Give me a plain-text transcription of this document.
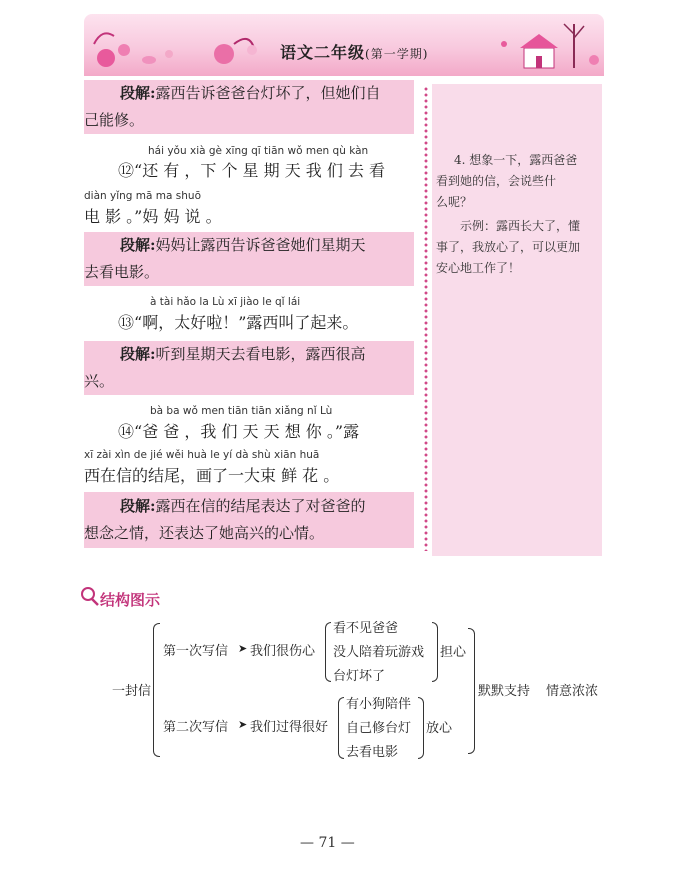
语文二年级(第一学期)
段解:露西告诉爸爸台灯坏了，但她们自
己能修。
hái yǒu xià gè xīng qī tiān wǒ men qù kàn
⑫“还 有 ，下 个 星 期 天 我 们 去 看
diàn yǐng mā ma shuō
电 影 。”妈 妈 说 。
段解:妈妈让露西告诉爸爸她们星期天
去看电影。
à tài hǎo la Lù xī jiào le qǐ lái
⑬“啊，太好啦！”露西叫了起来。
段解:听到星期天去看电影，露西很高
兴。
bà ba wǒ men tiān tiān xiǎng nǐ Lù
⑭“爸 爸 ，我 们 天 天 想 你 。”露
xī zài xìn de jié wěi huà le yí dà shù xiān huā
西在信的结尾，画了一大束 鲜 花 。
段解:露西在信的结尾表达了对爸爸的
想念之情，还表达了她高兴的心情。
4. 想象一下，露西爸爸
看到她的信，会说些什
么呢？
示例：露西长大了，懂
事了，我放心了，可以更加
安心地工作了！
结构图示
一封信
第一次写信 ➤ 我们很伤心
看不见爸爸
没人陪着玩游戏
台灯坏了
担心
第二次写信 ➤ 我们过得很好
有小狗陪伴
自己修台灯
去看电影
放心
默默支持 情意浓浓
— 71 —
